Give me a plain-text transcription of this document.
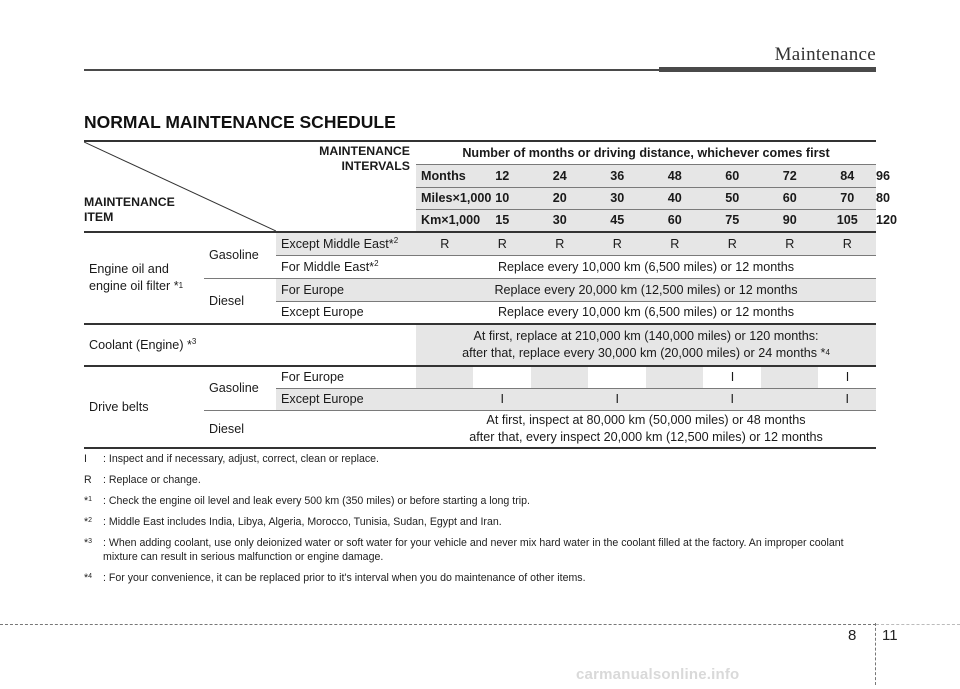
Maintenance
NORMAL MAINTENANCE SCHEDULE
MAINTENANCE
INTERVALS
MAINTENANCE
ITEM			Number of months or driving distance, whichever comes first								
			Months	12	24	36	48	60	72	84	96
			Miles×1,000	10	20	30	40	50	60	70	80
			Km×1,000	15	30	45	60	75	90	105	120

Engine oil and
engine oil filter *$^1$	Gasoline	Except Middle East*$^2$	R	R	R	R	R	R	R	R	
		For Middle East*$^2$	Replace every 10,000 km (6,500 miles) or 12 months								
	Diesel	For Europe	Replace every 20,000 km (12,500 miles) or 12 months								
		Except Europe	Replace every 10,000 km (6,500 miles) or 12 months								
Coolant (Engine) *$^3$			At first, replace at 210,000 km (140,000 miles) or 120 months:
after that, replace every 30,000 km (20,000 miles) or 24 months *$^4$

Drive belts	Gasoline	For Europe						I		I	
		Except Europe		I		I		I		I	
	Diesel		At first, inspect at 80,000 km (50,000 miles) or 48 months
after that, every inspect 20,000 km (12,500 miles) or 12 months								
I : Inspect and if necessary, adjust, correct, clean or replace.
R : Replace or change.
*$^1$ : Check the engine oil level and leak every 500 km (350 miles) or before starting a long trip.
*$^2$ : Middle East includes India, Libya, Algeria, Morocco, Tunisia, Sudan, Egypt and Iran.
*$^3$ : When adding coolant, use only deionized water or soft water for your vehicle and never mix hard water in the coolant filled at the factory. An improper coolant mixture can result in serious malfunction or engine damage.
*$^4$ : For your convenience, it can be replaced prior to it's interval when you do maintenance of other items.
8 11
carmanualsonline.info
